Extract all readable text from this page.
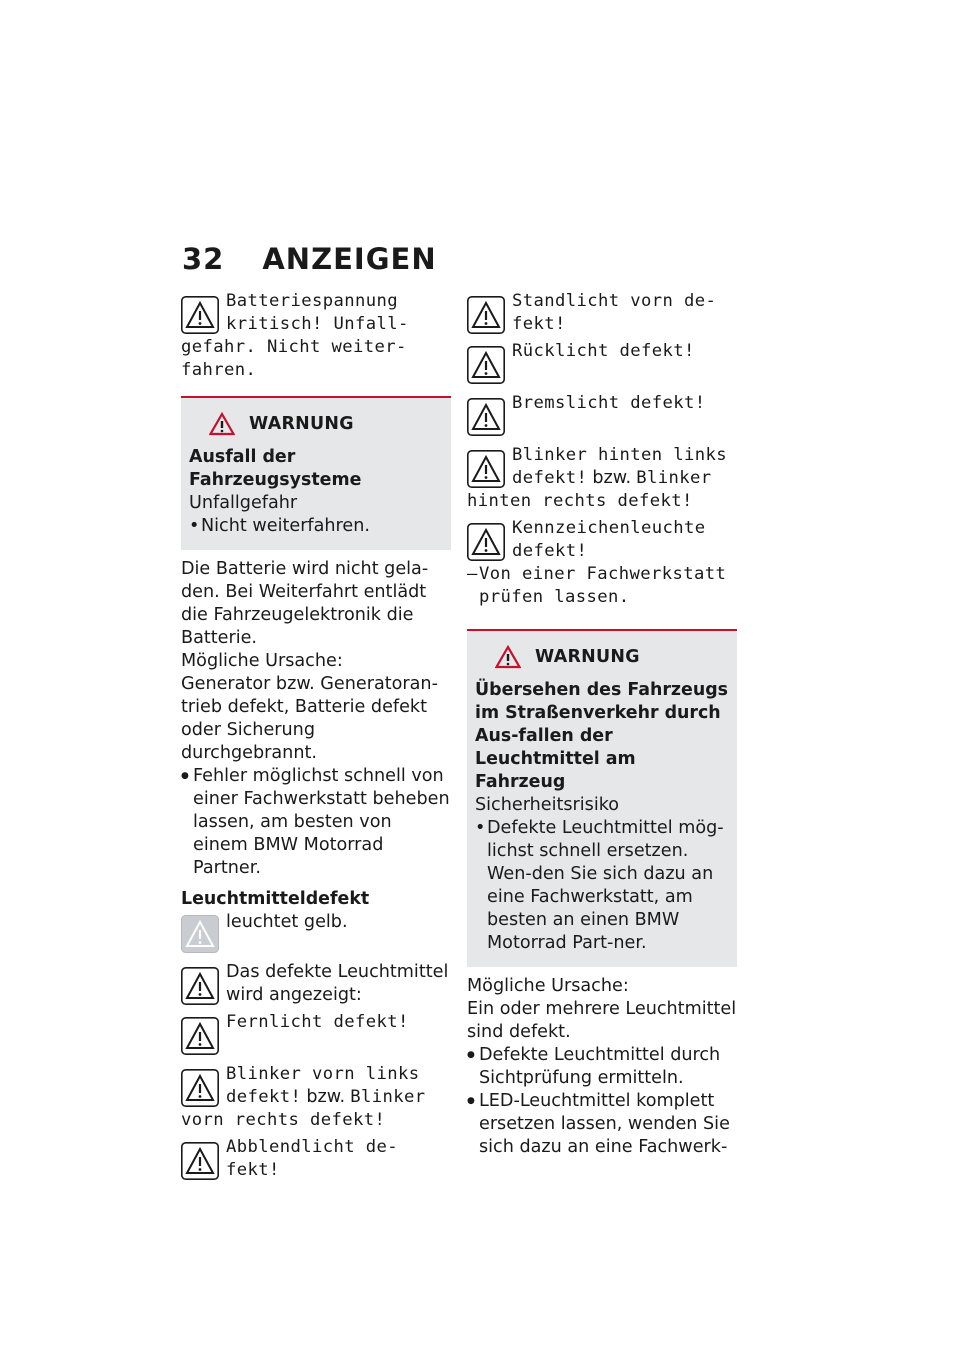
32 ANZEIGEN
Batteriespannung
kritisch! Unfall-
gefahr. Nicht weiter-
fahren.
WARNUNG
Ausfall der Fahrzeugsysteme
Unfallgefahr
• Nicht weiterfahren.
Die Batterie wird nicht gela-den. Bei Weiterfahrt entlädt die Fahrzeugelektronik die Batterie.
Mögliche Ursache:
Generator bzw. Generatoran-trieb defekt, Batterie defekt oder Sicherung durchgebrannt.
● Fehler möglichst schnell von einer Fachwerkstatt beheben lassen, am besten von einem BMW Motorrad Partner.
Leuchtmitteldefekt
leuchtet gelb.
Das defekte Leuchtmittel wird angezeigt:
Fernlicht defekt!
Blinker vorn links
defekt! bzw. Blinker
vorn rechts defekt!
Abblendlicht de-
fekt!
Standlicht vorn de-
fekt!
Rücklicht defekt!
Bremslicht defekt!
Blinker hinten links
defekt! bzw. Blinker
hinten rechts defekt!
Kennzeichenleuchte
defekt!
– Von einer Fachwerkstatt prüfen lassen.
WARNUNG
Übersehen des Fahrzeugs im Straßenverkehr durch Aus-fallen der Leuchtmittel am Fahrzeug
Sicherheitsrisiko
• Defekte Leuchtmittel mög-lichst schnell ersetzen. Wen-den Sie sich dazu an eine Fachwerkstatt, am besten an einen BMW Motorrad Part-ner.
Mögliche Ursache:
Ein oder mehrere Leuchtmittel sind defekt.
● Defekte Leuchtmittel durch Sichtprüfung ermitteln.
● LED-Leuchtmittel komplett ersetzen lassen, wenden Sie sich dazu an eine Fachwerk-
